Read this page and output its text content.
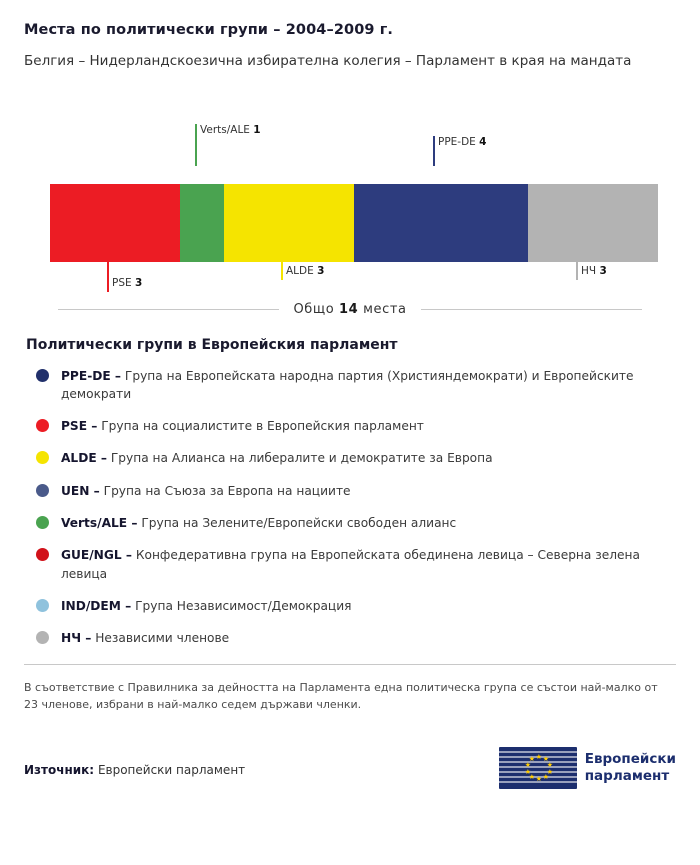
Места по политически групи – 2004–2009 г.
Белгия – Нидерландскоезична избирателна колегия – Парламент в края на мандата
Verts/ALE 1
PPE-DE 4
PSE 3
ALDE 3	НЧ 3
Общо 14 места
Политически групи в Европейския парламент
PPE-DE – Група на Европейската народна партия (Християндемократи) и Европейските демократи
PSE – Група на социалистите в Европейския парламент
ALDE – Група на Алианса на либералите и демократите за Европа
UEN – Група на Съюза за Европа на нациите
Verts/ALE – Група на Зелените/Европейски свободен алианс
GUE/NGL – Конфедеративна група на Европейската обединена левица – Северна зелена левица
IND/DEM – Група Независимост/Демокрация
НЧ – Независими членове
В съответствие с Правилника за дейността на Парламента една политическа група се състои най-малко от 23 членове, избрани в най-малко седем държави членки.
Източник: Европейски парламент
★ ★
★
★
★
★
★
★
★
★	Европейски
парламент
